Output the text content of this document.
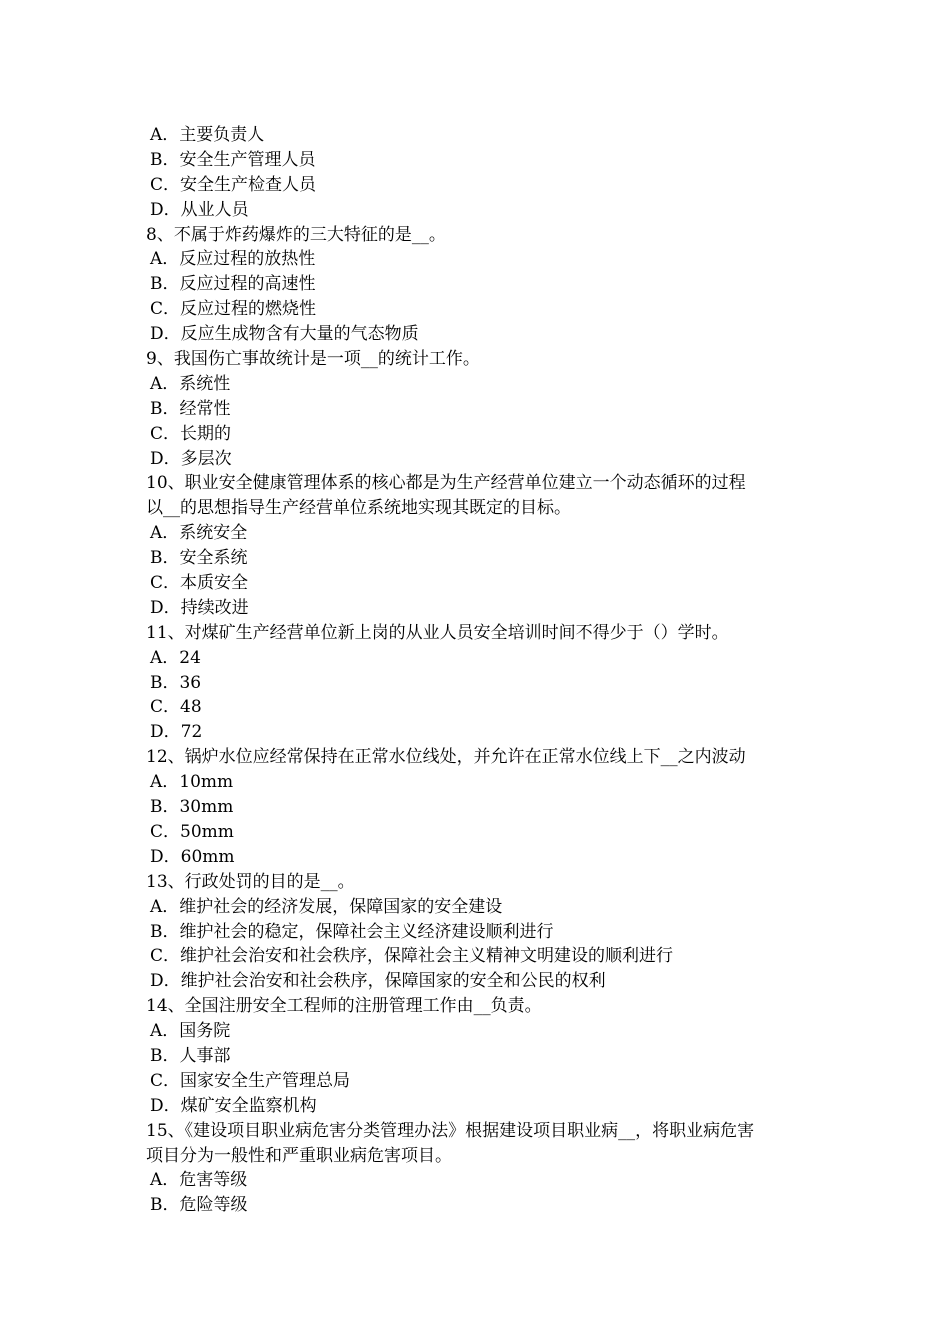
A．主要负责人
B．安全生产管理人员
C．安全生产检查人员
D．从业人员
8、不属于炸药爆炸的三大特征的是__。
A．反应过程的放热性
B．反应过程的高速性
C．反应过程的燃烧性
D．反应生成物含有大量的气态物质
9、我国伤亡事故统计是一项__的统计工作。
A．系统性
B．经常性
C．长期的
D．多层次
10、职业安全健康管理体系的核心都是为生产经营单位建立一个动态循环的过程
以__的思想指导生产经营单位系统地实现其既定的目标。
A．系统安全
B．安全系统
C．本质安全
D．持续改进
11、对煤矿生产经营单位新上岗的从业人员安全培训时间不得少于（）学时。
A．24
B．36
C．48
D．72
12、锅炉水位应经常保持在正常水位线处，并允许在正常水位线上下__之内波动
A．10mm
B．30mm
C．50mm
D．60mm
13、行政处罚的目的是__。
A．维护社会的经济发展，保障国家的安全建设
B．维护社会的稳定，保障社会主义经济建设顺利进行
C．维护社会治安和社会秩序，保障社会主义精神文明建设的顺利进行
D．维护社会治安和社会秩序，保障国家的安全和公民的权利
14、全国注册安全工程师的注册管理工作由__负责。
A．国务院
B．人事部
C．国家安全生产管理总局
D．煤矿安全监察机构
15、《建设项目职业病危害分类管理办法》根据建设项目职业病__，将职业病危害
项目分为一般性和严重职业病危害项目。
A．危害等级
B．危险等级
